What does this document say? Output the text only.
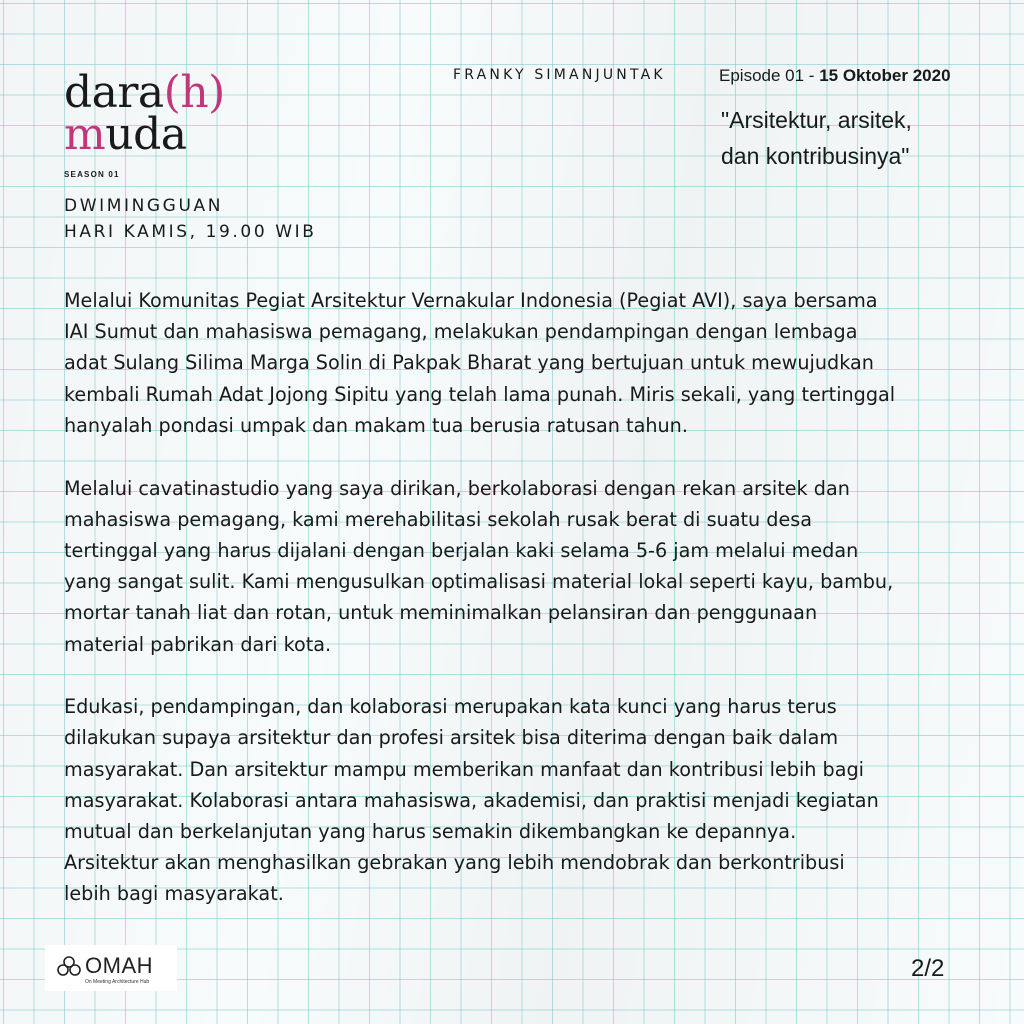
dara(h)
muda
SEASON 01
DWIMINGGUAN
HARI KAMIS, 19.00 WIB
FRANKY SIMANJUNTAK	Episode 01 - 15 Oktober 2020
"Arsitektur, arsitek,
dan kontribusinya"

Melalui Komunitas Pegiat Arsitektur Vernakular Indonesia (Pegiat AVI), saya bersama
IAI Sumut dan mahasiswa pemagang, melakukan pendampingan dengan lembaga
adat Sulang Silima Marga Solin di Pakpak Bharat yang bertujuan untuk mewujudkan
kembali Rumah Adat Jojong Sipitu yang telah lama punah. Miris sekali, yang tertinggal
hanyalah pondasi umpak dan makam tua berusia ratusan tahun.

Melalui cavatinastudio yang saya dirikan, berkolaborasi dengan rekan arsitek dan
mahasiswa pemagang, kami merehabilitasi sekolah rusak berat di suatu desa
tertinggal yang harus dijalani dengan berjalan kaki selama 5-6 jam melalui medan
yang sangat sulit. Kami mengusulkan optimalisasi material lokal seperti kayu, bambu,
mortar tanah liat dan rotan, untuk meminimalkan pelansiran dan penggunaan
material pabrikan dari kota.

Edukasi, pendampingan, dan kolaborasi merupakan kata kunci yang harus terus
dilakukan supaya arsitektur dan profesi arsitek bisa diterima dengan baik dalam
masyarakat. Dan arsitektur mampu memberikan manfaat dan kontribusi lebih bagi
masyarakat. Kolaborasi antara mahasiswa, akademisi, dan praktisi menjadi kegiatan
mutual dan berkelanjutan yang harus semakin dikembangkan ke depannya.
Arsitektur akan menghasilkan gebrakan yang lebih mendobrak dan berkontribusi
lebih bagi masyarakat.

OMAH
On Meeting Architecture Hub	2/2
